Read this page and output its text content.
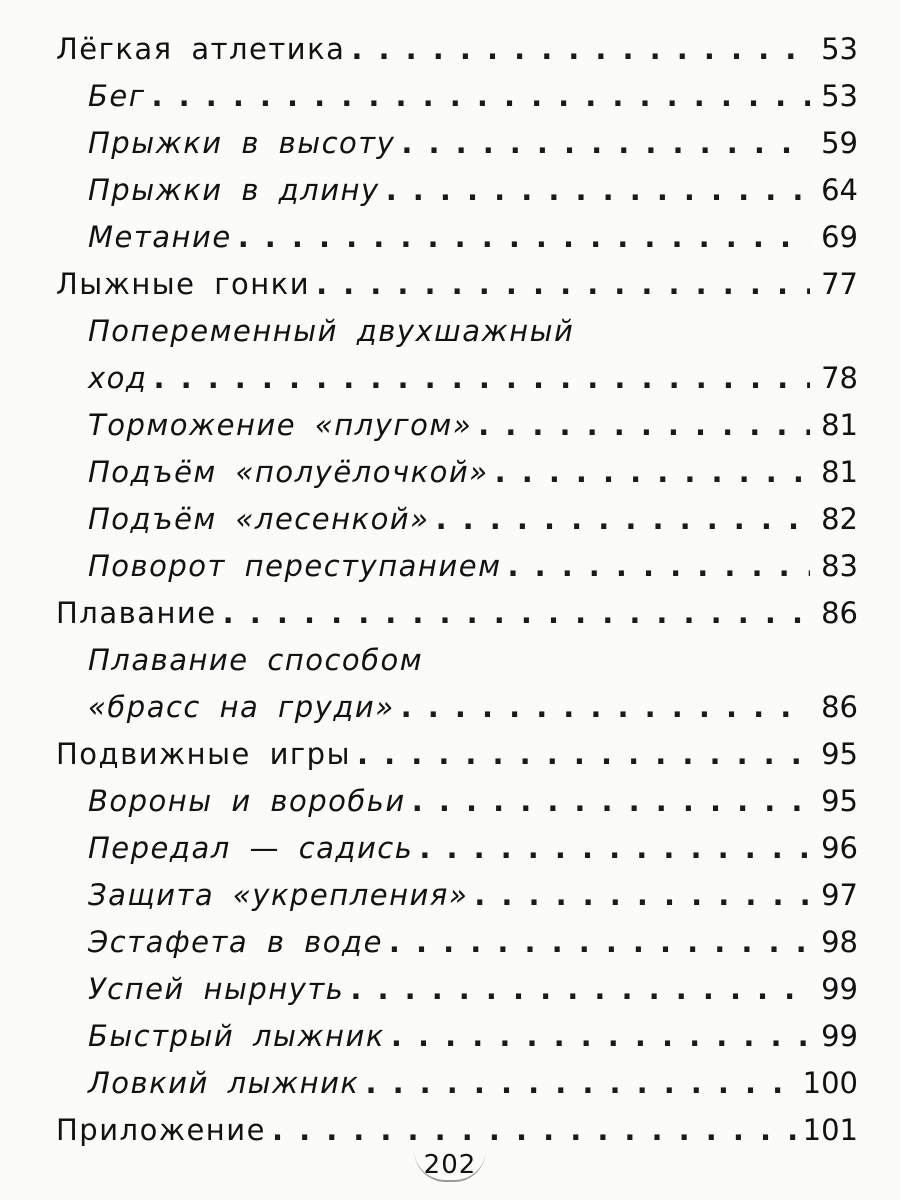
Лёгкая атлетика . . .	53
Бег . . .	53
Прыжки в высоту . . .	59
Прыжки в длину . . .	64
Метание . . .	69
Лыжные гонки . . .	77
Попеременный двухшажный
ход . . .	78
Торможение «плугом» . . .	81
Подъём «полуёлочкой» . . .	81
Подъём «лесенкой» . . .	82
Поворот переступанием . . .	83
Плавание . . .	86
Плавание способом
«брасс на груди» . . .	86
Подвижные игры . . .	95
Вороны и воробьи . . .	95
Передал — садись . . .	96
Защита «укрепления» . . .	97
Эстафета в воде . . .	98
Успей нырнуть . . .	99
Быстрый лыжник . . .	99
Ловкий лыжник . . .	100
Приложение . . .	101
202
